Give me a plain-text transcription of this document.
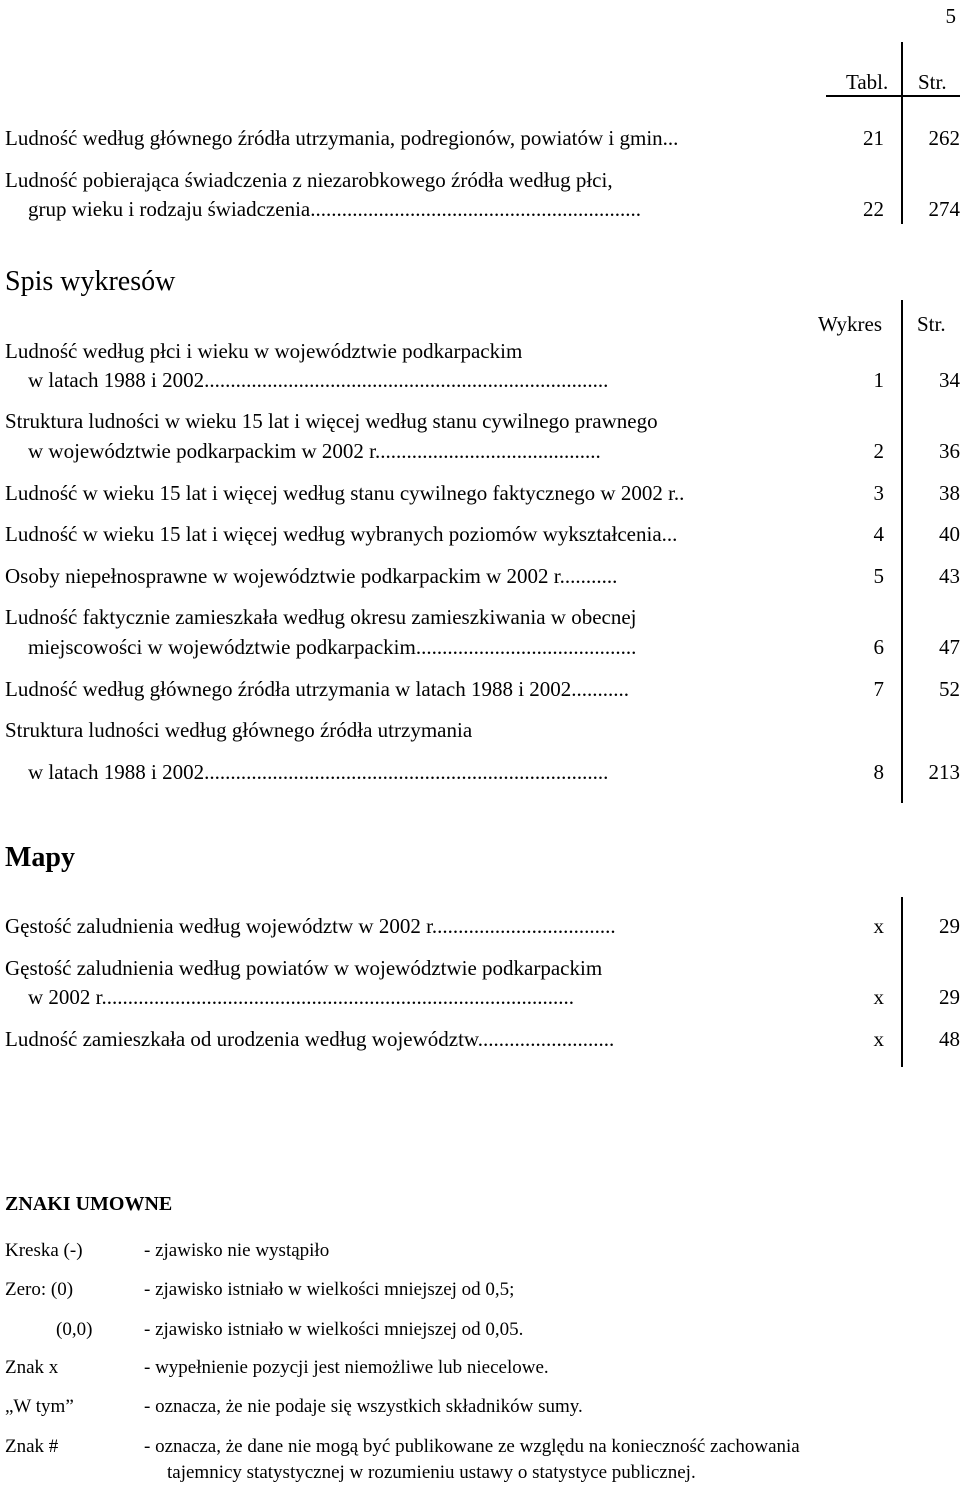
5
Tabl. Str.
Ludność według głównego źródła utrzymania, podregionów, powiatów i gmin...	21	262
Ludność pobierająca świadczenia z niezarobkowego źródła według płci,
grup wieku i rodzaju świadczenia...............................................................	22	274
Spis wykresów
Wykres Str.
Ludność według płci i wieku w województwie podkarpackim
w latach 1988 i 2002.............................................................................	1	34
Struktura ludności w wieku 15 lat i więcej według stanu cywilnego prawnego
w województwie podkarpackim w 2002 r...........................................	2	36
Ludność w wieku 15 lat i więcej według stanu cywilnego faktycznego w 2002 r..	3	38
Ludność w wieku 15 lat i więcej według wybranych poziomów wykształcenia...	4	40
Osoby niepełnosprawne w województwie podkarpackim w 2002 r...........	5	43
Ludność faktycznie zamieszkała według okresu zamieszkiwania w obecnej
miejscowości w województwie podkarpackim..........................................	6	47
Ludność według głównego źródła utrzymania w latach 1988 i 2002...........	7	52
Struktura ludności według głównego źródła utrzymania
w latach 1988 i 2002.............................................................................	8	213
Mapy
Gęstość zaludnienia według województw w 2002 r...................................	x	29
Gęstość zaludnienia według powiatów w województwie podkarpackim
w 2002 r..........................................................................................	x	29
Ludność zamieszkała od urodzenia według województw..........................	x	48
ZNAKI UMOWNE
Kreska (-)	- zjawisko nie wystąpiło
Zero: (0)	- zjawisko istniało w wielkości mniejszej od 0,5;
(0,0)	- zjawisko istniało w wielkości mniejszej od 0,05.
Znak x	- wypełnienie pozycji jest niemożliwe lub niecelowe.
„W tym”	- oznacza, że nie podaje się wszystkich składników sumy.
Znak #	- oznacza, że dane nie mogą być publikowane ze względu na konieczność zachowania
tajemnicy statystycznej w rozumieniu ustawy o statystyce publicznej.
